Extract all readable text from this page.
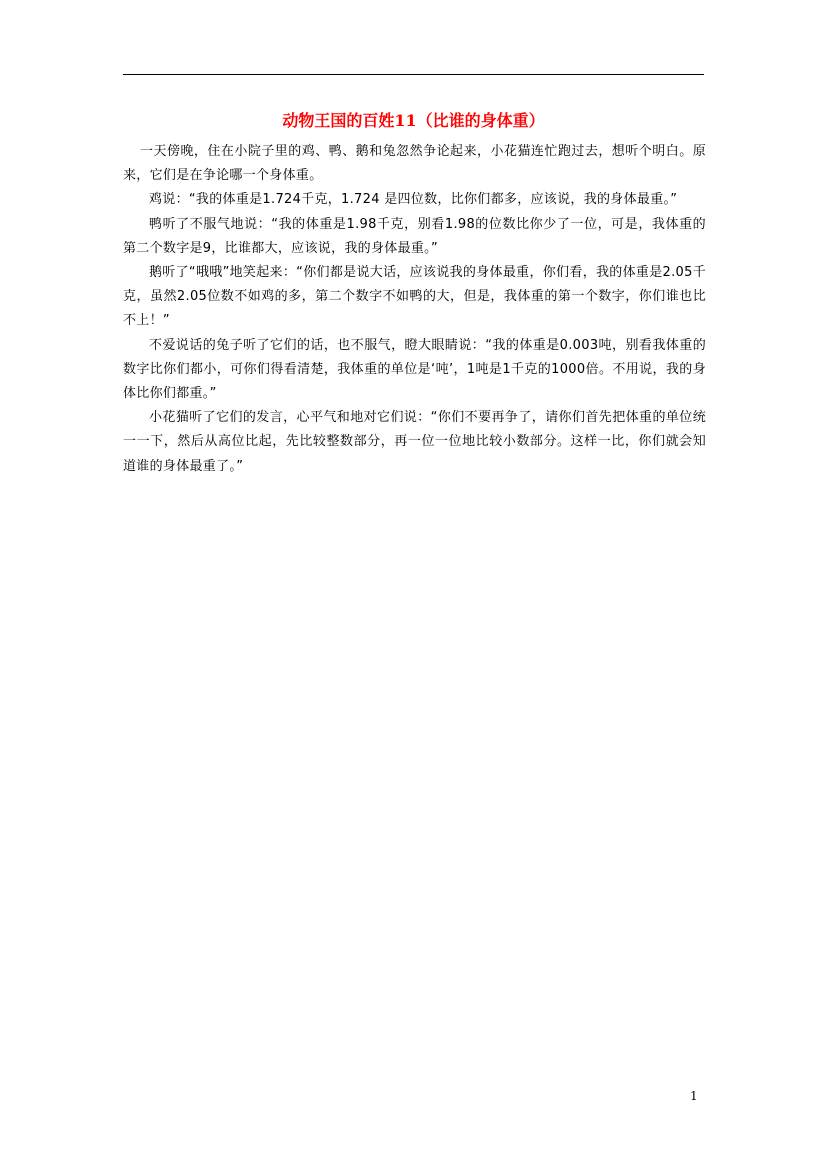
动物王国的百姓11（比谁的身体重）

一天傍晚，住在小院子里的鸡、鸭、鹅和兔忽然争论起来，小花猫连忙跑过去，想听个明白。原来，它们是在争论哪一个身体重。

鸡说：“我的体重是1.724千克，1.724 是四位数，比你们都多，应该说，我的身体最重。”

鸭听了不服气地说：“我的体重是1.98千克，别看1.98的位数比你少了一位，可是，我体重的第二个数字是9，比谁都大，应该说，我的身体最重。”

鹅听了“哦哦”地笑起来：“你们都是说大话，应该说我的身体最重，你们看，我的体重是2.05千克，虽然2.05位数不如鸡的多，第二个数字不如鸭的大，但是，我体重的第一个数字，你们谁也比不上！”

不爱说话的兔子听了它们的话，也不服气，瞪大眼睛说：“我的体重是0.003吨，别看我体重的数字比你们都小，可你们得看清楚，我体重的单位是‘吨’，1吨是1千克的1000倍。不用说，我的身体比你们都重。”

小花猫听了它们的发言，心平气和地对它们说：“你们不要再争了，请你们首先把体重的单位统一一下，然后从高位比起，先比较整数部分，再一位一位地比较小数部分。这样一比，你们就会知道谁的身体最重了。”

1
